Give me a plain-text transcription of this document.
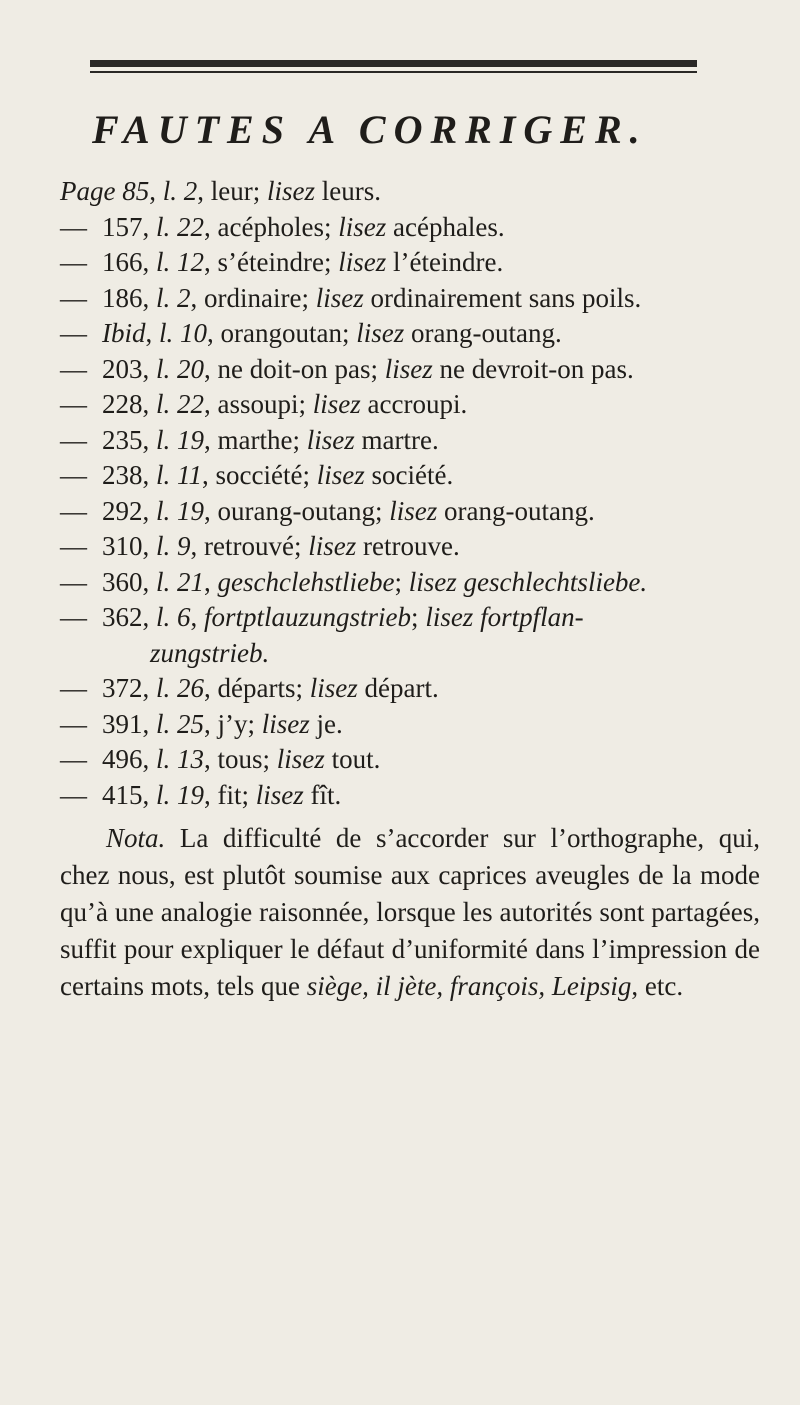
FAUTES A CORRIGER.
Page 85, l. 2, leur; lisez leurs.
— 157, l. 22, acépholes; lisez acéphales.
— 166, l. 12, s’éteindre; lisez l’éteindre.
— 186, l. 2, ordinaire; lisez ordinairement sans poils.
— Ibid, l. 10, orangoutan; lisez orang-outang.
— 203, l. 20, ne doit-on pas; lisez ne devroit-on pas.
— 228, l. 22, assoupi; lisez accroupi.
— 235, l. 19, marthe; lisez martre.
— 238, l. 11, socciété; lisez société.
— 292, l. 19, ourang-outang; lisez orang-outang.
— 310, l. 9, retrouvé; lisez retrouve.
— 360, l. 21, geschclehstliebe; lisez geschlechtsliebe.
— 362, l. 6, fortptlauzungstrieb; lisez fortpflan-
zungstrieb.
— 372, l. 26, départs; lisez départ.
— 391, l. 25, j’y; lisez je.
— 496, l. 13, tous; lisez tout.
— 415, l. 19, fit; lisez fît.

Nota. La difficulté de s’accorder sur l’orthographe, qui, chez nous, est plutôt soumise aux caprices aveugles de la mode qu’à une analogie raisonnée, lorsque les autorités sont partagées, suffit pour expliquer le défaut d’uniformité dans l’impression de certains mots, tels que siège, il jète, françois, Leipsig, etc.
